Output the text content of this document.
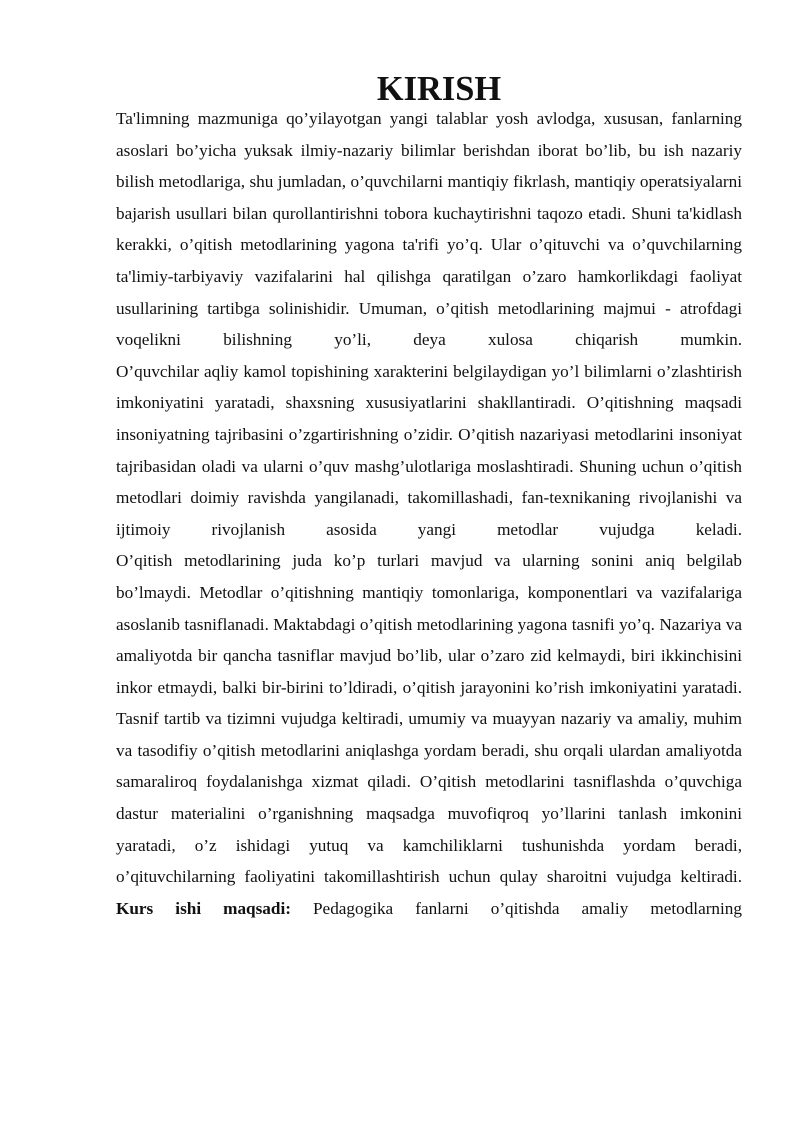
KIRISH

Ta'limning mazmuniga qo’yilayotgan yangi talablar yosh avlodga, xususan, fanlarning asoslari bo’yicha yuksak ilmiy-nazariy bilimlar berishdan iborat bo’lib, bu ish nazariy bilish metodlariga, shu jumladan, o’quvchilarni mantiqiy fikrlash, mantiqiy operatsiyalarni bajarish usullari bilan qurollantirishni tobora kuchaytirishni taqozo etadi. Shuni ta'kidlash kerakki, o’qitish metodlarining yagona ta'rifi yo’q. Ular o’qituvchi va o’quvchilarning ta'limiy-tarbiyaviy vazifalarini hal qilishga qaratilgan o’zaro hamkorlikdagi faoliyat usullarining tartibga solinishidir. Umuman, o’qitish metodlarining majmui - atrofdagi voqelikni bilishning yo’li, deya xulosa chiqarish mumkin.

O’quvchilar aqliy kamol topishining xarakterini belgilaydigan yo’l bilimlarni o’zlashtirish imkoniyatini yaratadi, shaxsning xususiyatlarini shakllantiradi. O’qitishning maqsadi insoniyatning tajribasini o’zgartirishning o’zidir. O’qitish nazariyasi metodlarini insoniyat tajribasidan oladi va ularni o’quv mashg’ulotlariga moslashtiradi. Shuning uchun o’qitish metodlari doimiy ravishda yangilanadi, takomillashadi, fan-texnikaning rivojlanishi va ijtimoiy rivojlanish asosida yangi metodlar vujudga keladi.

O’qitish metodlarining juda ko’p turlari mavjud va ularning sonini aniq belgilab bo’lmaydi. Metodlar o’qitishning mantiqiy tomonlariga, komponentlari va vazifalariga asoslanib tasniflanadi. Maktabdagi o’qitish metodlarining yagona tasnifi yo’q. Nazariya va amaliyotda bir qancha tasniflar mavjud bo’lib, ular o’zaro zid kelmaydi, biri ikkinchisini inkor etmaydi, balki bir-birini to’ldiradi, o’qitish jarayonini ko’rish imkoniyatini yaratadi. Tasnif tartib va tizimni vujudga keltiradi, umumiy va muayyan nazariy va amaliy, muhim va tasodifiy o’qitish metodlarini aniqlashga yordam beradi, shu orqali ulardan amaliyotda samaraliroq foydalanishga xizmat qiladi. O’qitish metodlarini tasniflashda o’quvchiga dastur materialini o’rganishning maqsadga muvofiqroq yo’llarini tanlash imkonini yaratadi, o’z ishidagi yutuq va kamchiliklarni tushunishda yordam beradi, o’qituvchilarning faoliyatini takomillashtirish uchun qulay sharoitni vujudga keltiradi.

Kurs ishi maqsadi: Pedagogika fanlarni o’qitishda amaliy metodlarning
